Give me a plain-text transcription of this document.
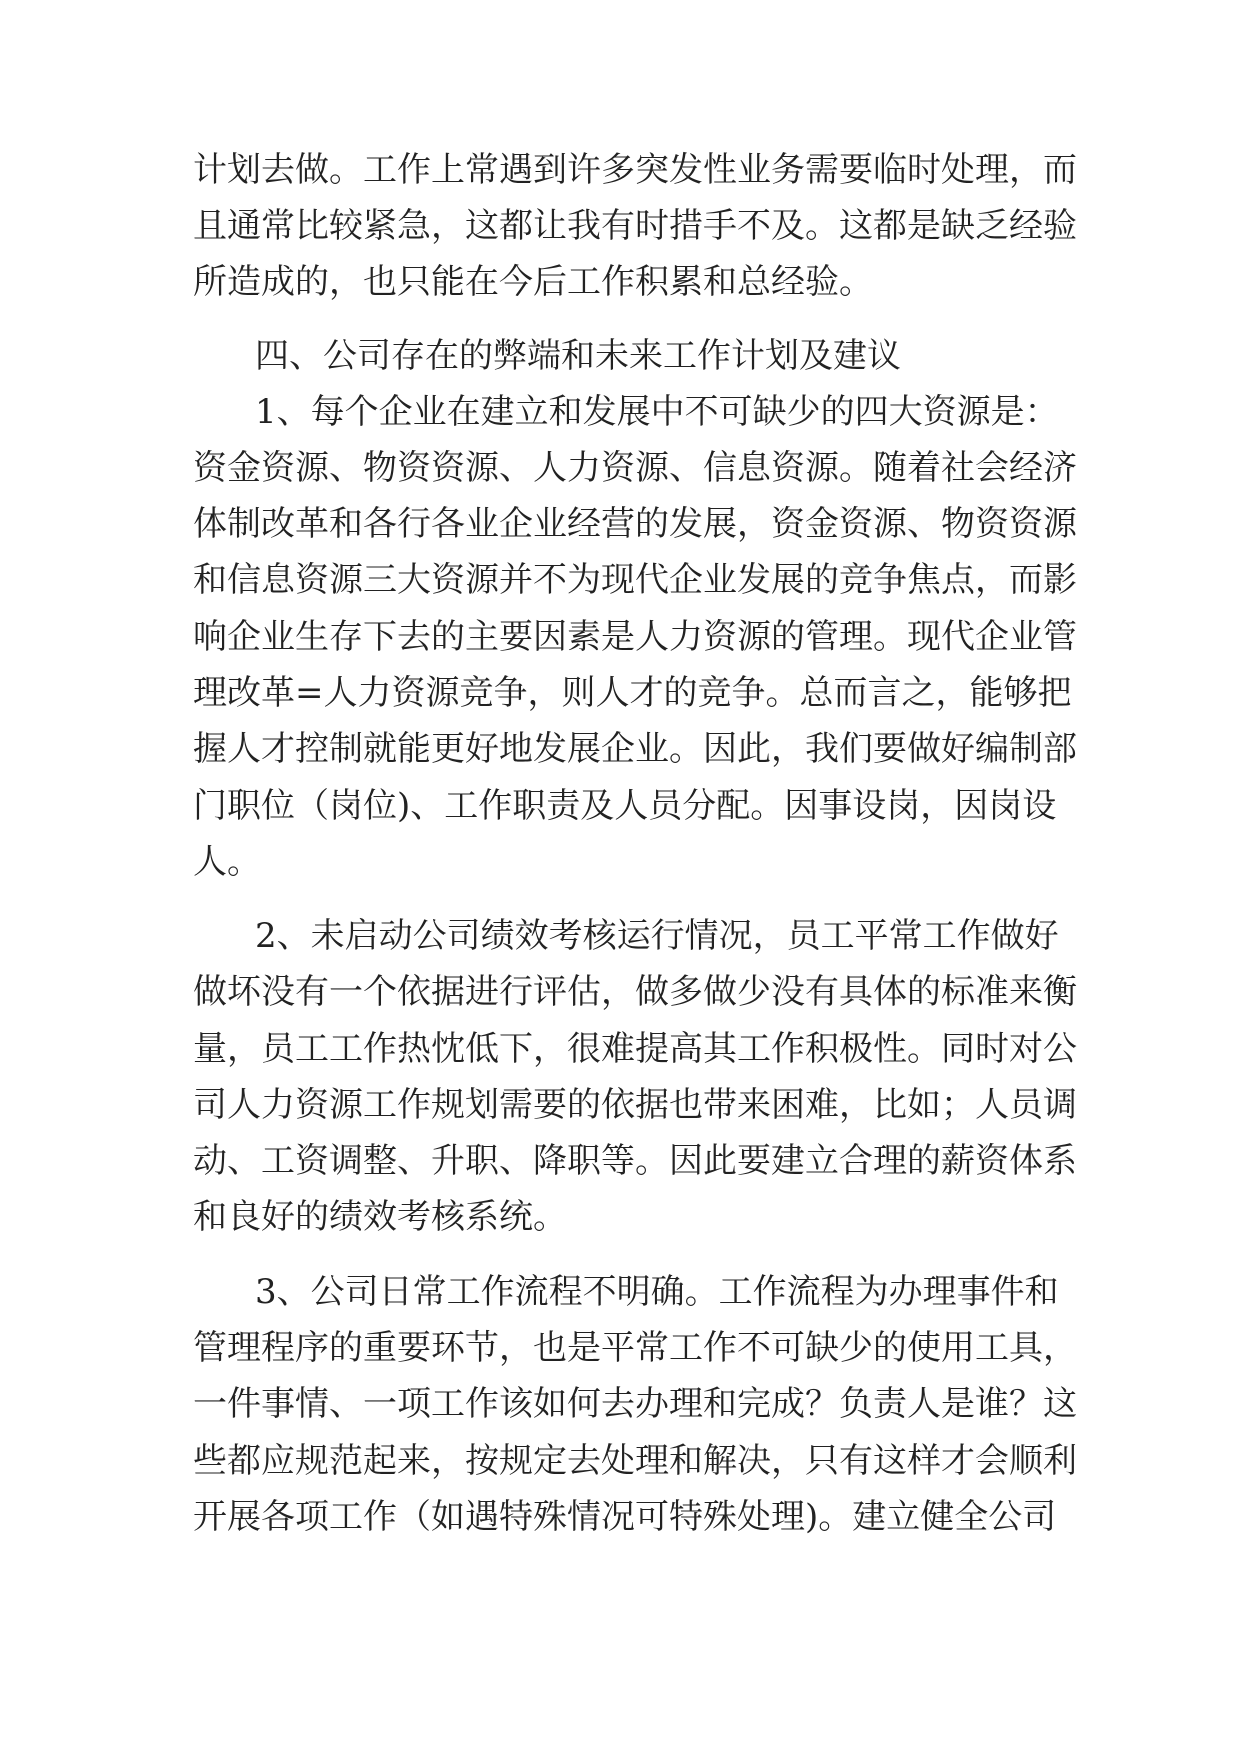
计划去做。工作上常遇到许多突发性业务需要临时处理，而
且通常比较紧急，这都让我有时措手不及。这都是缺乏经验
所造成的，也只能在今后工作积累和总经验。
四、公司存在的弊端和未来工作计划及建议
1、每个企业在建立和发展中不可缺少的四大资源是：
资金资源、物资资源、人力资源、信息资源。随着社会经济
体制改革和各行各业企业经营的发展，资金资源、物资资源
和信息资源三大资源并不为现代企业发展的竞争焦点，而影
响企业生存下去的主要因素是人力资源的管理。现代企业管
理改革=人力资源竞争，则人才的竞争。总而言之，能够把
握人才控制就能更好地发展企业。因此，我们要做好编制部
门职位（岗位)、工作职责及人员分配。因事设岗，因岗设
人。
2、未启动公司绩效考核运行情况，员工平常工作做好
做坏没有一个依据进行评估，做多做少没有具体的标准来衡
量，员工工作热忱低下，很难提高其工作积极性。同时对公
司人力资源工作规划需要的依据也带来困难，比如；人员调
动、工资调整、升职、降职等。因此要建立合理的薪资体系
和良好的绩效考核系统。
3、公司日常工作流程不明确。工作流程为办理事件和
管理程序的重要环节，也是平常工作不可缺少的使用工具，
一件事情、一项工作该如何去办理和完成？负责人是谁？这
些都应规范起来，按规定去处理和解决，只有这样才会顺利
开展各项工作（如遇特殊情况可特殊处理)。建立健全公司
